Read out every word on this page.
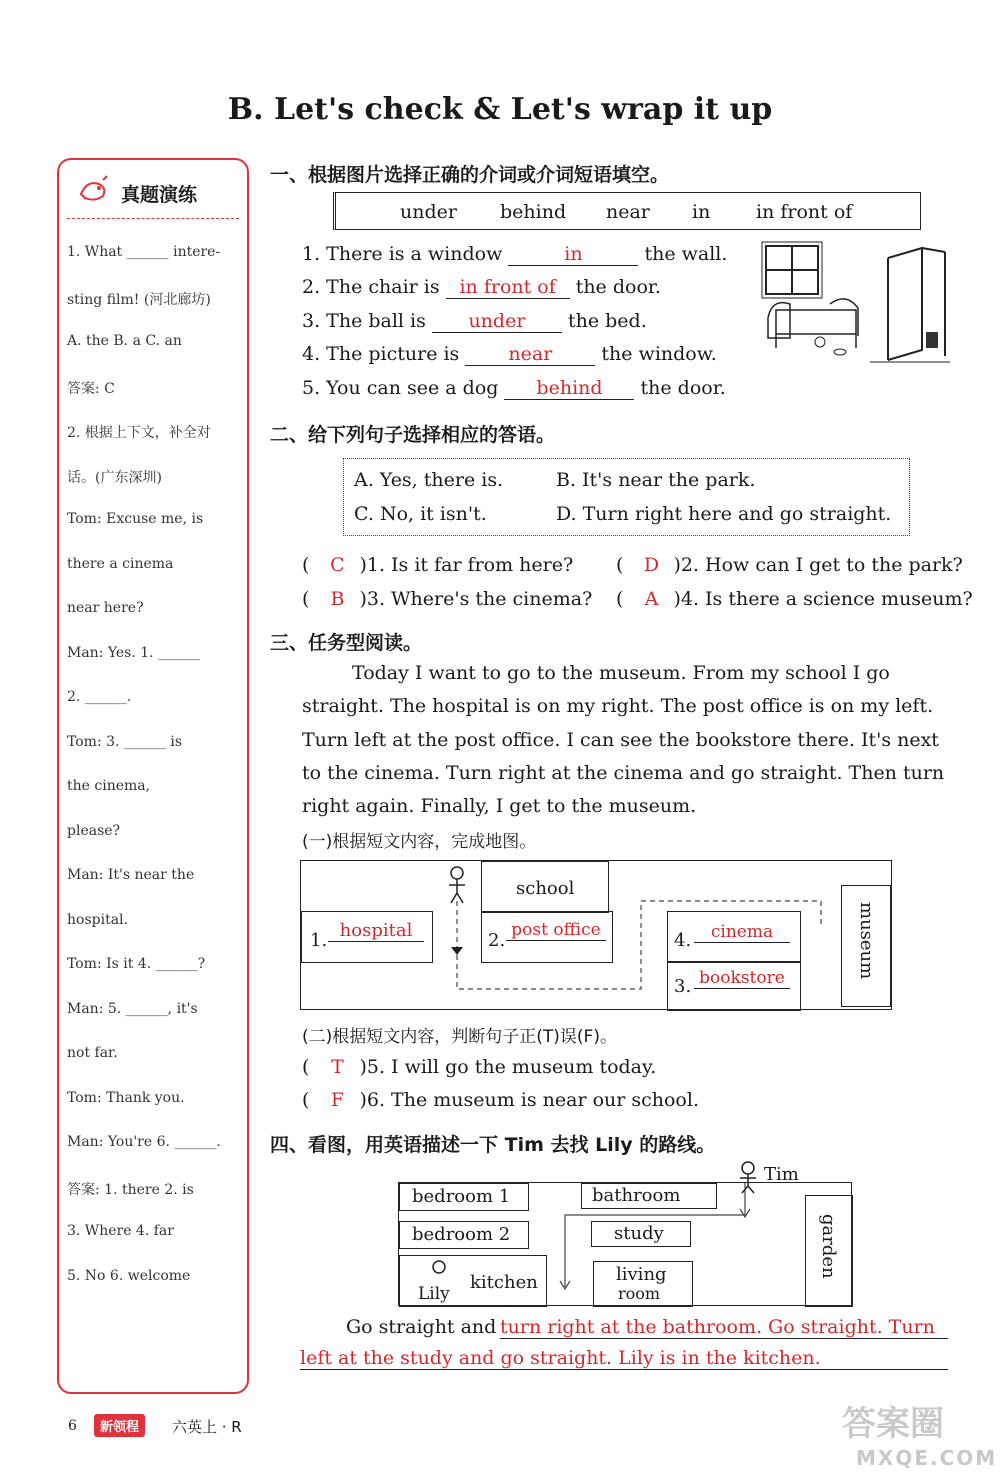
B. Let's check & Let's wrap it up
真题演练
1. What ______ intere-
sting film! (河北廊坊)
A. the B. a C. an
答案: C
2. 根据上下文，补全对
话。(广东深圳)
Tom: Excuse me, is
there a cinema
near here?
Man: Yes. 1. ______
2. ______.
Tom: 3. ______ is
the cinema,
please?
Man: It's near the
hospital.
Tom: Is it 4. ______?
Man: 5. ______, it's
not far.
Tom: Thank you.
Man: You're 6. ______.
答案: 1. there 2. is
3. Where 4. far
5. No 6. welcome
一、根据图片选择正确的介词或介词短语填空。
under behind near in in front of
1. There is a window	in	the wall.
2. The chair is in front of the door.
3. The ball is under the bed.
4. The picture is	near	the window.
5. You can see a dog behind the door.
二、给下列句子选择相应的答语。
A. Yes, there is.	B. It's near the park.
C. No, it isn't.	D. Turn right here and go straight.
( C )1. Is it far from here? ( D )2. How can I get to the park?
( B )3. Where's the cinema? ( A )4. Is there a science museum?
三、任务型阅读。
Today I want to go to the museum. From my school I go
straight. The hospital is on my right. The post office is on my left.
Turn left at the post office. I can see the bookstore there. It's next
to the cinema. Turn right at the cinema and go straight. Then turn
right again. Finally, I get to the museum.
(一)根据短文内容，完成地图。
school
1. hospital	2. post office	4.	cinema
3. bookstore	museum
(二)根据短文内容，判断句子正(T)误(F)。
( T )5. I will go the museum today.
( F )6. The museum is near our school.
四、看图，用英语描述一下 Tim 去找 Lily 的路线。
bedroom 1	bathroom
bedroom 2	study
kitchen
Lily
living
room
garden
Tim
Go straight and turn right at the bathroom. Go straight. Turn
left at the study and go straight. Lily is in the kitchen.
6	新领程	六英上 · R	答案圈
MXQE.COM
